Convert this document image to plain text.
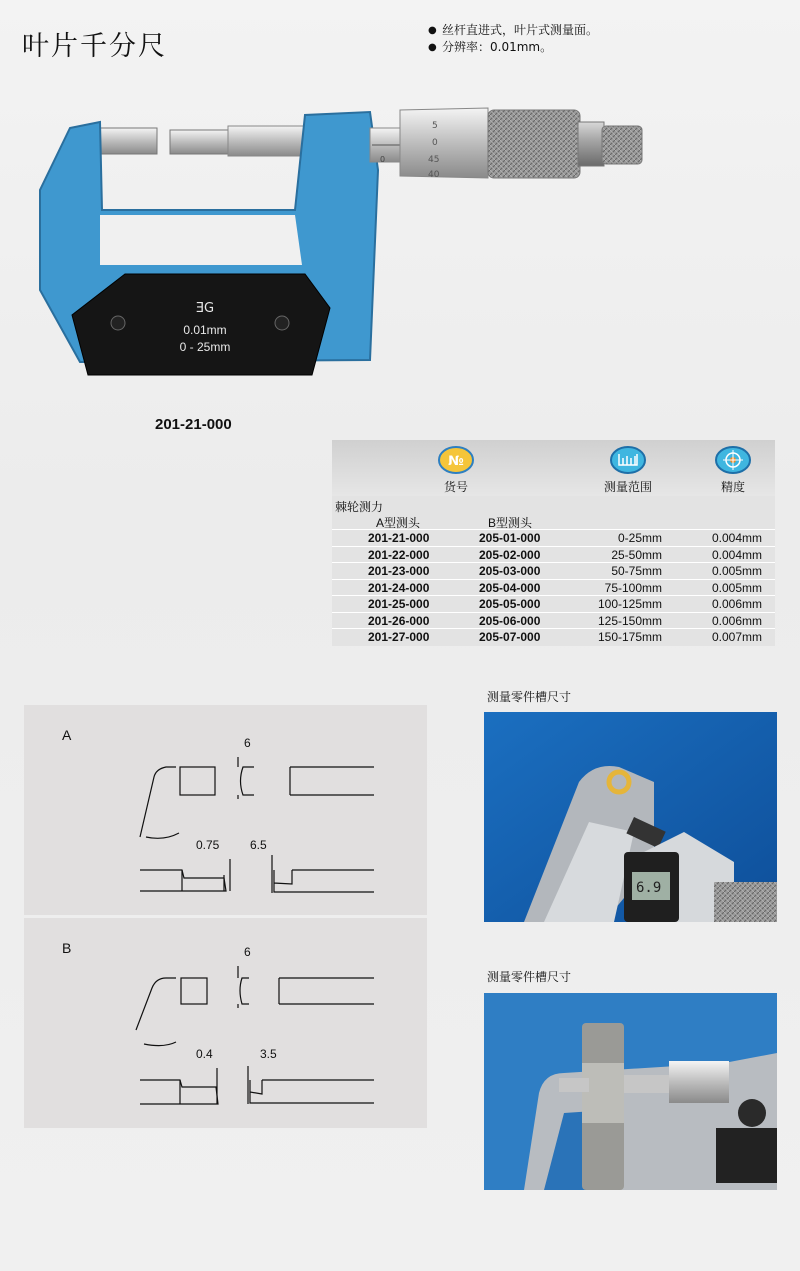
叶片千分尺
● 丝杆直进式，叶片式测量面。
● 分辨率：0.01mm。
ƎG
0.01mm
0 - 25mm
0
5
0
45
40
201-21-000
№
货号	测量范围	精度
棘轮测力
A型测头	B型测头
201-21-000	205-01-000	0-25mm	0.004mm
201-22-000	205-02-000	25-50mm	0.004mm
201-23-000	205-03-000	50-75mm	0.005mm
201-24-000	205-04-000	75-100mm	0.005mm
201-25-000	205-05-000	100-125mm	0.006mm
201-26-000	205-06-000	125-150mm	0.006mm
201-27-000	205-07-000	150-175mm	0.007mm
A	6
0.75	6.5
B	6
0.4	3.5
测量零件槽尺寸
6.9
测量零件槽尺寸
